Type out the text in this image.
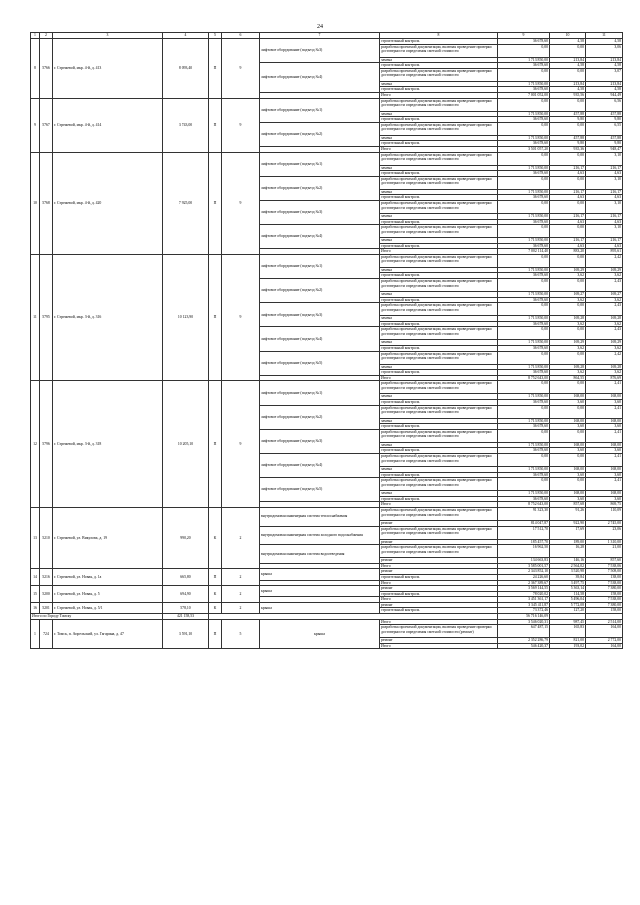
24
1	2	3	4	5	6	7	8	9	10	11
8	5766	г. Стрежевой, мкр. 4-й, д. 413	8 093,40	П	9	лифтовое оборудование (подъезд №3)	строительный контроль	36 678,60	4,58	4,58
							разработка проектной документации, включая проведение проверки достоверности определения сметной стоимости	0,00	0,00	3,06
							замена	1 713 850,00	213,84	213,84
						лифтовое оборудование (подъезд №4)	строительный контроль	36 678,60	4,58	4,58
							разработка проектной документации, включая проведение проверки достоверности определения сметной стоимости	0,00	0,00	3,07
							замена	1 713 850,00	213,84	213,84
							строительный контроль	36 678,60	4,58	4,58
							Итого	7 001 052,00	935,56	944,49
9	5767	г. Стрежевой, мкр. 4-й, д. 414	3 743,00	П	9	лифтовое оборудование (подъезд №1)	разработка проектной документации, включая проведение проверки достоверности определения сметной стоимости	0,00	0,00	6,56
							замена	1 713 850,00	457,88	457,88
							строительный контроль	36 678,60	9,80	9,80
						лифтовое оборудование (подъезд №2)	разработка проектной документации, включая проведение проверки достоверности определения сметной стоимости	0,00	0,00	6,55
							замена	1 713 850,00	457,88	457,88
							строительный контроль	36 678,60	9,80	9,80
							Итого	3 501 057,20	935,36	948,47
10	5768	г. Стрежевой, мкр. 4-й, д. 420	7 925,00	П	9	лифтовое оборудование (подъезд №1)	разработка проектной документации, включая проведение проверки достоверности определения сметной стоимости	0,00	0,00	3,10
							замена	1 713 850,00	216,17	216,17
							строительный контроль	36 678,60	4,63	4,63
						лифтовое оборудование (подъезд №2)	разработка проектной документации, включая проведение проверки достоверности определения сметной стоимости	0,00	0,00	3,10
							замена	1 713 850,00	216,17	216,17
							строительный контроль	36 678,60	4,63	4,63
						лифтовое оборудование (подъезд №3)	разработка проектной документации, включая проведение проверки достоверности определения сметной стоимости	0,00	0,00	3,10
							замена	1 713 850,00	216,17	216,17
							строительный контроль	36 678,60	4,63	4,63
						лифтовое оборудование (подъезд №4)	разработка проектной документации, включая проведение проверки достоверности определения сметной стоимости	0,00	0,00	3,10
							замена	1 713 850,00	216,17	216,17
							строительный контроль	36 678,60	4,63	4,63
							Итого	7 002 114,40	883,20	895,61
11	5795	г. Стрежевой, мкр. 3-й, д. 316	10 123,90	П	9	лифтовое оборудование (подъезд №1)	разработка проектной документации, включая проведение проверки достоверности определения сметной стоимости	0,00	0,00	2,42
							замена	1 713 850,00	169,29	169,29
							строительный контроль	36 678,60	3,62	3,62
						лифтовое оборудование (подъезд №2)	разработка проектной документации, включая проведение проверки достоверности определения сметной стоимости	0,00	0,00	2,43
							замена	1 713 850,00	169,27	169,27
							строительный контроль	36 678,60	3,62	3,62
						лифтовое оборудование (подъезд №3)	разработка проектной документации, включая проведение проверки достоверности определения сметной стоимости	0,00	0,00	2,43
							замена	1 713 850,00	169,28	169,28
							строительный контроль	36 678,60	3,62	3,62
						лифтовое оборудование (подъезд №4)	разработка проектной документации, включая проведение проверки достоверности определения сметной стоимости	0,00	0,00	2,43
							замена	1 713 850,00	169,29	169,29
							строительный контроль	36 678,60	3,62	3,62
						лифтовое оборудование (подъезд №5)	разработка проектной документации, включая проведение проверки достоверности определения сметной стоимости	0,00	0,00	2,42
							замена	1 713 850,00	169,28	169,28
							строительный контроль	36 678,60	3,62	3,62
							Итого	8 752 643,00	864,55	876,69
12	5796	г. Стрежевой, мкр. 3-й, д. 318	10 205,10	П	9	лифтовое оборудование (подъезд №1)	разработка проектной документации, включая проведение проверки достоверности определения сметной стоимости	0,00	0,00	2,41
							замена	1 713 850,00	168,00	168,00
							строительный контроль	36 678,60	3,60	3,60
						лифтовое оборудование (подъезд №2)	разработка проектной документации, включая проведение проверки достоверности определения сметной стоимости	0,00	0,00	2,41
							замена	1 713 850,00	168,00	168,00
							строительный контроль	36 678,60	3,60	3,60
						лифтовое оборудование (подъезд №3)	разработка проектной документации, включая проведение проверки достоверности определения сметной стоимости	0,00	0,00	2,41
							замена	1 713 850,00	168,00	168,00
							строительный контроль	36 678,60	3,60	3,60
						лифтовое оборудование (подъезд №4)	разработка проектной документации, включая проведение проверки достоверности определения сметной стоимости	0,00	0,00	2,41
							замена	1 713 850,00	168,00	168,00
							строительный контроль	36 678,60	3,60	3,60
						лифтовое оборудование (подъезд №5)	разработка проектной документации, включая проведение проверки достоверности определения сметной стоимости	0,00	0,00	2,41
							замена	1 713 850,00	168,00	168,00
							строительный контроль	36 678,60	3,60	3,60
							Итого	8 752 643,00	857,68	869,75
13	5210	г. Стрежевой, ул. Викулова, д. 19	990,20	К	2	внутридомовая инженерная система теплоснабжения	разработка проектной документации, включая проведение проверки достоверности определения сметной стоимости	91 323,30	91,26	110,09
							ремонт	814 047,87	922,90	2 745,00
						внутридомовая инженерная система холодного водоснабжения	разработка проектной документации, включая проведение проверки достоверности определения сметной стоимости	17 512,70	17,69	23,06
							ремонт	185 457,70	189,00	1 310,00
						внутридомовая инженерная система водоотведения	разработка проектной документации, включая проведение проверки достоверности определения сметной стоимости	16 962,50	16,28	21,00
							ремонт	134 663,83	146,16	857,60
							Итого	3 585 001,57	2 564,02	7 538,06
14	5216	г. Стрежевой, ул. Новая, д. 1а	665,80	П	2	крыша	ремонт	2 343 852,10	3 520,98	7 508,00
							строительный контроль	24 226,60	39,84	138,00
							Итого	2 367 389,67	3 497,75	7 538,00
15	5200	г. Стрежевой, ул. Новая, д. 5	694,90	К	2	крыша	ремонт	3 569 144,55	5 363,14	7 380,00
							строительный контроль	78 020,02	114,58	158,00
							Итого	3 451 361,17	5 496,04	7 538,00
16	5201	г. Стрежевой, ул. Новая, д. 5/1	578,10	К	2	крыша	ремонт	3 345 411,87	5 772,08	7 380,00
							строительный контроль	73 372,46	127,20	158,00
Итого по Городу Томску			421 158,53					56 716 146,09		
1	724	г. Томск, п. Апрельский, ул. Гагарина, д. 47	3 591,10	П	5	крыша	Итого	3 546 020,31	987,45	2 514,00
							разработка проектной документации, включая проведение проверки достоверности определения сметной стоимости (ремонт)	647 487,15	165,83	164,00
							ремонт	2 352 286,79	821,00	2 772,00
							Итого	546 420,37	193,02	164,00
